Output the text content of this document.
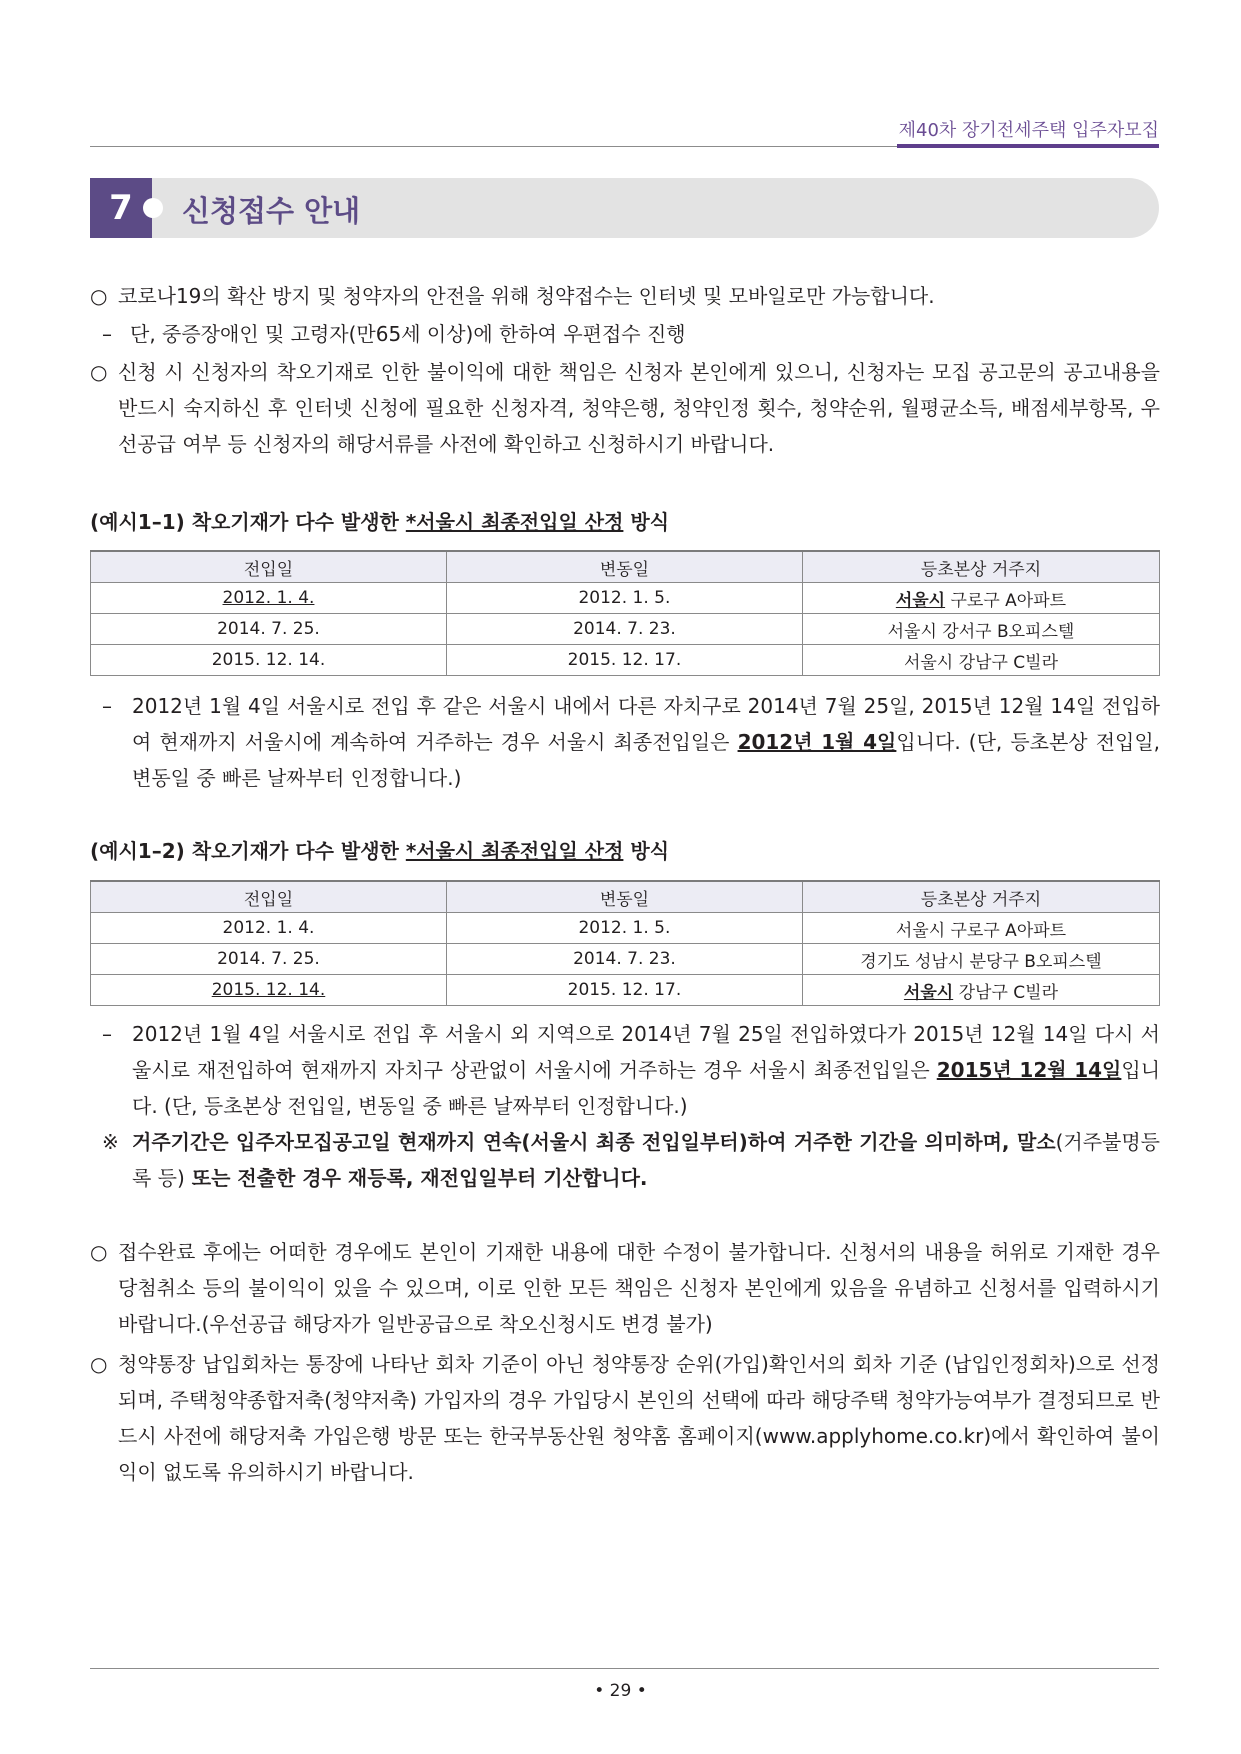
제40차 장기전세주택 입주자모집
7	신청접수 안내
○ 코로나19의 확산 방지 및 청약자의 안전을 위해 청약접수는 인터넷 및 모바일로만 가능합니다.
– 단, 중증장애인 및 고령자(만65세 이상)에 한하여 우편접수 진행
○ 신청 시 신청자의 착오기재로 인한 불이익에 대한 책임은 신청자 본인에게 있으니, 신청자는 모집 공고문의 공고내용을 반드시 숙지하신 후 인터넷 신청에 필요한 신청자격, 청약은행, 청약인정 횟수, 청약순위, 월평균소득, 배점세부항목, 우선공급 여부 등 신청자의 해당서류를 사전에 확인하고 신청하시기 바랍니다.
(예시1–1) 착오기재가 다수 발생한 *서울시 최종전입일 산정 방식
전입일	변동일	등초본상 거주지
2012. 1. 4.	2012. 1. 5.	서울시 구로구 A아파트
2014. 7. 25.	2014. 7. 23.	서울시 강서구 B오피스텔
2015. 12. 14.	2015. 12. 17.	서울시 강남구 C빌라
–	2012년 1월 4일 서울시로 전입 후 같은 서울시 내에서 다른 자치구로 2014년 7월 25일, 2015년 12월 14일 전입하여 현재까지 서울시에 계속하여 거주하는 경우 서울시 최종전입일은 2012년 1월 4일입니다. (단, 등초본상 전입일, 변동일 중 빠른 날짜부터 인정합니다.)
(예시1–2) 착오기재가 다수 발생한 *서울시 최종전입일 산정 방식
전입일	변동일	등초본상 거주지
2012. 1. 4.	2012. 1. 5.	서울시 구로구 A아파트
2014. 7. 25.	2014. 7. 23.	경기도 성남시 분당구 B오피스텔
2015. 12. 14.	2015. 12. 17.	서울시 강남구 C빌라
–	2012년 1월 4일 서울시로 전입 후 서울시 외 지역으로 2014년 7월 25일 전입하였다가 2015년 12월 14일 다시 서울시로 재전입하여 현재까지 자치구 상관없이 서울시에 거주하는 경우 서울시 최종전입일은 2015년 12월 14일입니다. (단, 등초본상 전입일, 변동일 중 빠른 날짜부터 인정합니다.)
※ 거주기간은 입주자모집공고일 현재까지 연속(서울시 최종 전입일부터)하여 거주한 기간을 의미하며, 말소(거주불명등록 등) 또는 전출한 경우 재등록, 재전입일부터 기산합니다.
○ 접수완료 후에는 어떠한 경우에도 본인이 기재한 내용에 대한 수정이 불가합니다. 신청서의 내용을 허위로 기재한 경우 당첨취소 등의 불이익이 있을 수 있으며, 이로 인한 모든 책임은 신청자 본인에게 있음을 유념하고 신청서를 입력하시기 바랍니다.(우선공급 해당자가 일반공급으로 착오신청시도 변경 불가)
○ 청약통장 납입회차는 통장에 나타난 회차 기준이 아닌 청약통장 순위(가입)확인서의 회차 기준 (납입인정회차)으로 선정되며, 주택청약종합저축(청약저축) 가입자의 경우 가입당시 본인의 선택에 따라 해당주택 청약가능여부가 결정되므로 반드시 사전에 해당저축 가입은행 방문 또는 한국부동산원 청약홈 홈페이지(www.applyhome.co.kr)에서 확인하여 불이익이 없도록 유의하시기 바랍니다.
• 29 •
